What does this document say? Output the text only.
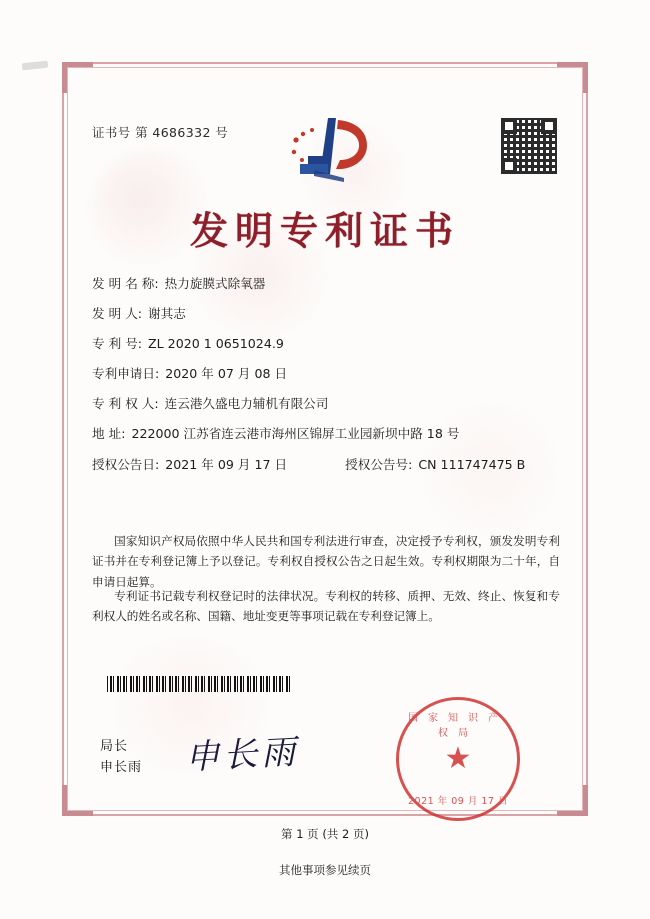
证书号 第 4686332 号
发明专利证书
发 明 名 称: 热力旋膜式除氧器
发 明 人: 谢其志
专 利 号: ZL 2020 1 0651024.9
专利申请日: 2020 年 07 月 08 日
专 利 权 人: 连云港久盛电力辅机有限公司
地 址: 222000 江苏省连云港市海州区锦屏工业园新坝中路 18 号
授权公告日: 2021 年 09 月 17 日	授权公告号: CN 111747475 B
国家知识产权局依照中华人民共和国专利法进行审查，决定授予专利权，颁发发明专利证书并在专利登记簿上予以登记。专利权自授权公告之日起生效。专利权期限为二十年，自申请日起算。
专利证书记载专利权登记时的法律状况。专利权的转移、质押、无效、终止、恢复和专利权人的姓名或名称、国籍、地址变更等事项记载在专利登记簿上。
局长
申长雨 申长雨
国家知识产权局
★
2021 年 09 月 17 日
第 1 页 (共 2 页)
其他事项参见续页
